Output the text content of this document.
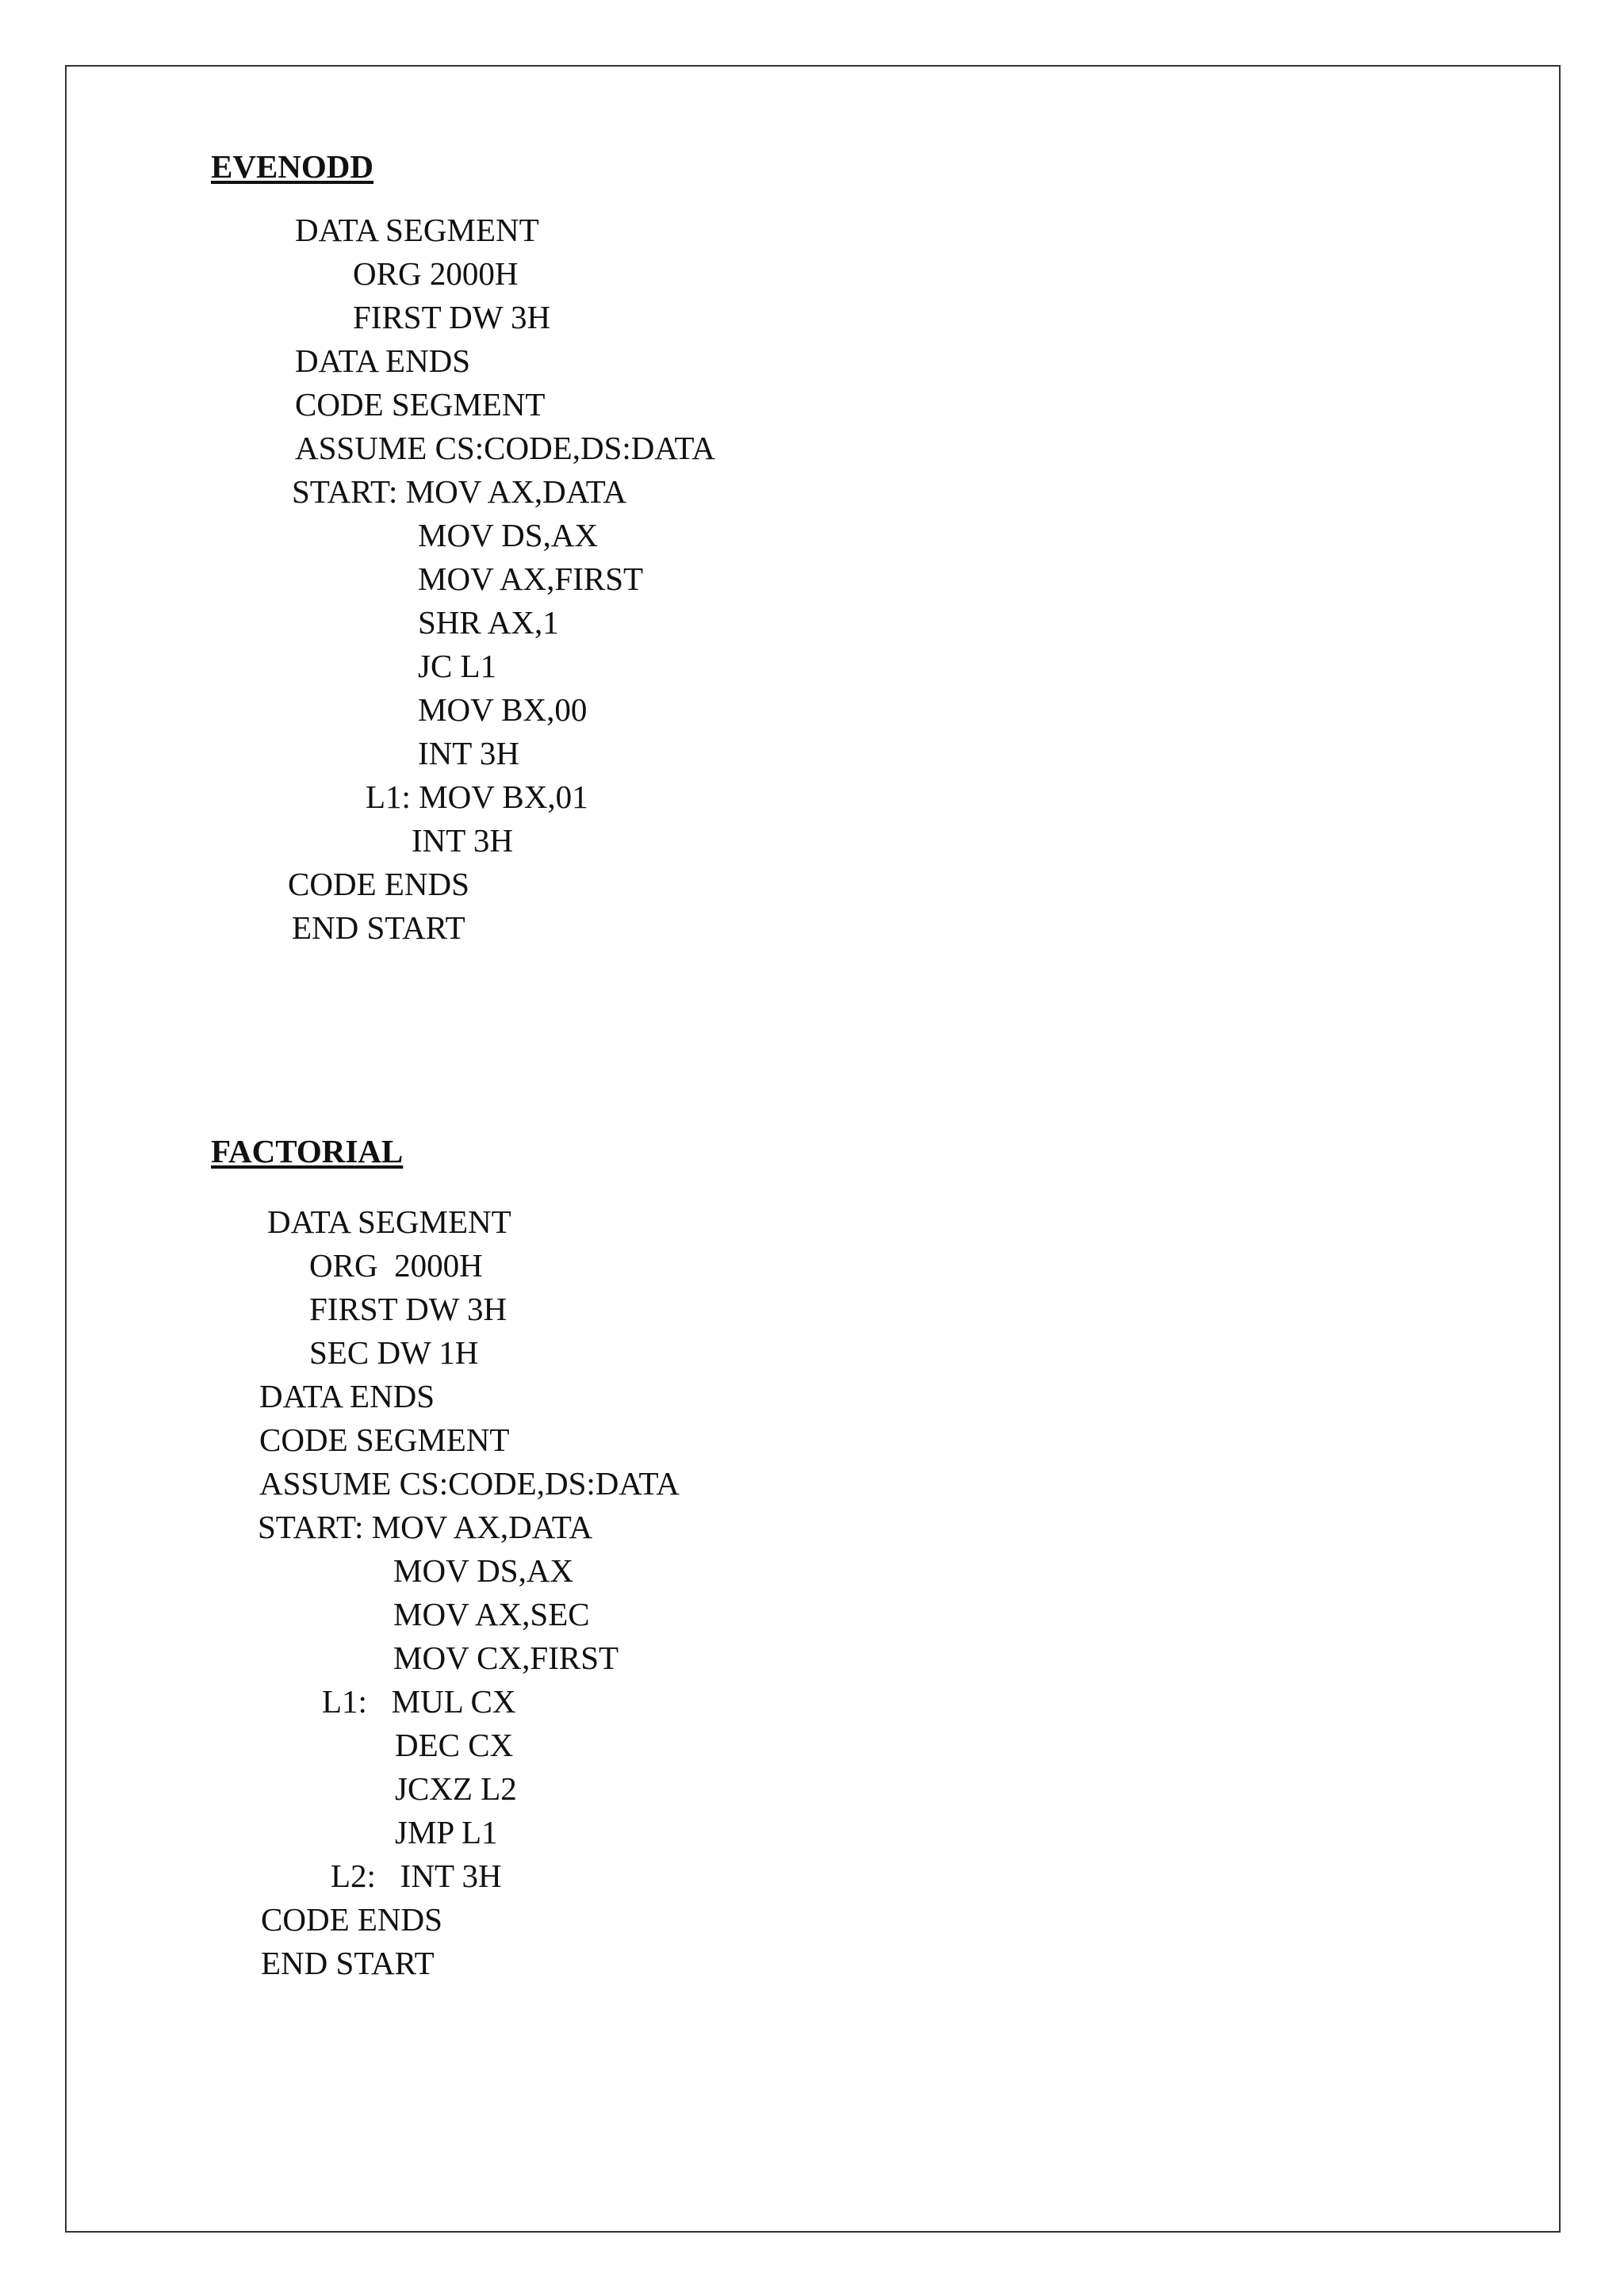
EVENODD
DATA SEGMENT
ORG 2000H
FIRST DW 3H
DATA ENDS
CODE SEGMENT
ASSUME CS:CODE,DS:DATA
START: MOV AX,DATA
MOV DS,AX
MOV AX,FIRST
SHR AX,1
JC L1
MOV BX,00
INT 3H
L1: MOV BX,01
INT 3H
CODE ENDS
END START
FACTORIAL
DATA SEGMENT
ORG  2000H
FIRST DW 3H
SEC DW 1H
DATA ENDS
CODE SEGMENT
ASSUME CS:CODE,DS:DATA
START: MOV AX,DATA
MOV DS,AX
MOV AX,SEC
MOV CX,FIRST
L1:   MUL CX
DEC CX
JCXZ L2
JMP L1
L2:   INT 3H
CODE ENDS
END START
